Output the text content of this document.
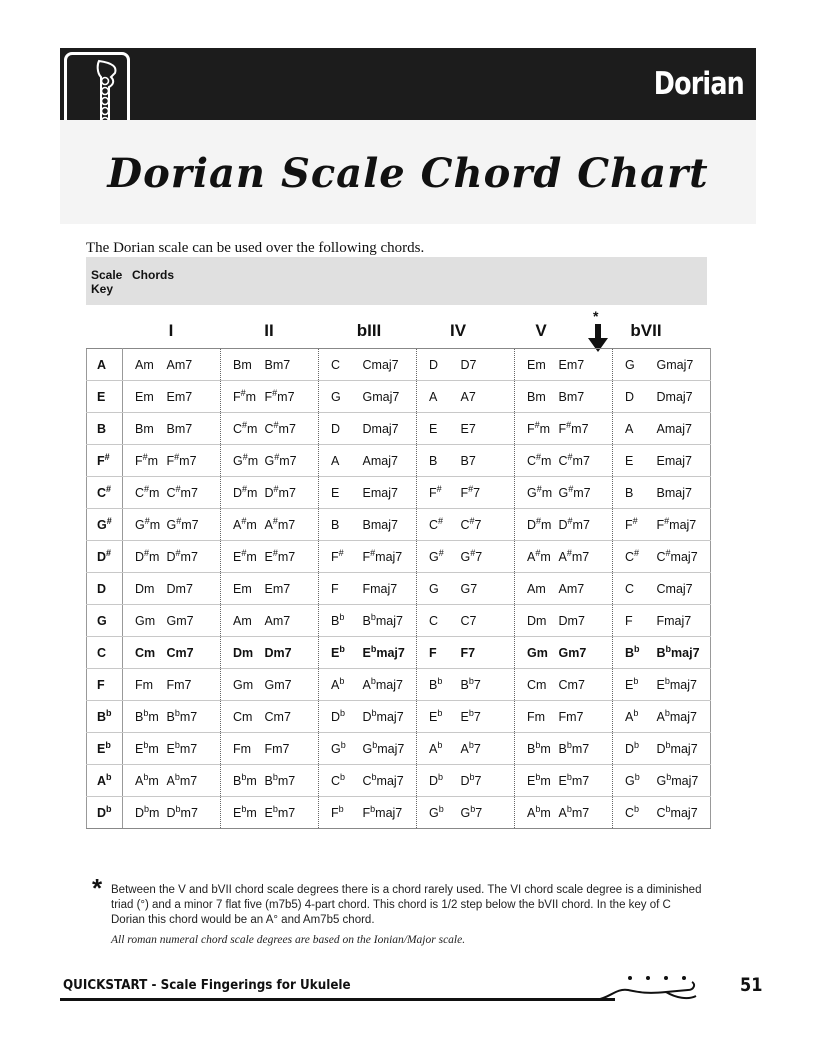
Dorian
Dorian Scale Chord Chart
The Dorian scale can be used over the following chords.
Scale Key
Chords
I	II	bIII	IV	V	bVII
*
A	Am	Am7	Bm	Bm7	C	Cmaj7	D	D7	Em	Em7	G	Gmaj7
E	Em	Em7	F#m	F#m7	G	Gmaj7	A	A7	Bm	Bm7	D	Dmaj7
B	Bm	Bm7	C#m	C#m7	D	Dmaj7	E	E7	F#m	F#m7	A	Amaj7
F#	F#m	F#m7	G#m	G#m7	A	Amaj7	B	B7	C#m	C#m7	E	Emaj7
C#	C#m	C#m7	D#m	D#m7	E	Emaj7	F#	F#7	G#m	G#m7	B	Bmaj7
G#	G#m	G#m7	A#m	A#m7	B	Bmaj7	C#	C#7	D#m	D#m7	F#	F#maj7
D#	D#m	D#m7	E#m	E#m7	F#	F#maj7	G#	G#7	A#m	A#m7	C#	C#maj7
D	Dm	Dm7	Em	Em7	F	Fmaj7	G	G7	Am	Am7	C	Cmaj7
G	Gm	Gm7	Am	Am7	$B^b$	$B^bmaj7$	C	C7	Dm	Dm7	F	Fmaj7
C	Cm	Cm7	Dm	Dm7	$E^b$	$E^bmaj7$	F	F7	Gm	Gm7	$B^b$	$B^bmaj7$
F	Fm	Fm7	Gm	Gm7	$A^b$	$A^bmaj7$	$B^b$	$B^b7$	Cm	Cm7	$E^b$	$E^bmaj7$
$B^b$	$B^bm$	$B^bm7$	Cm	Cm7	$D^b$	$D^bmaj7$	$E^b$	$E^b7$	Fm	Fm7	$A^b$	$A^bmaj7$
$E^b$	$E^bm$	$E^bm7$	Fm	Fm7	$G^b$	$G^bmaj7$	$A^b$	$A^b7$	$B^bm$	$B^bm7$	$D^b$	$D^bmaj7$
$A^b$	$A^bm$	$A^bm7$	$B^bm$	$B^bm7$	$C^b$	$C^bmaj7$	$D^b$	$D^b7$	$E^bm$	$E^bm7$	$G^b$	$G^bmaj7$
$D^b$	$D^bm$	$D^bm7$	$E^bm$	$E^bm7$	$F^b$	$F^bmaj7$	$G^b$	$G^b7$	$A^bm$	$A^bm7$	$C^b$	$C^bmaj7$
* Between the V and bVII chord scale degrees there is a chord rarely used. The VI chord scale degree is a diminished triad (°) and a minor 7 flat five (m7b5) 4-part chord. This chord is 1/2 step below the bVII chord. In the key of C Dorian this chord would be an A° and Am7b5 chord.
All roman numeral chord scale degrees are based on the Ionian/Major scale.
QUICKSTART - Scale Fingerings for Ukulele	51
